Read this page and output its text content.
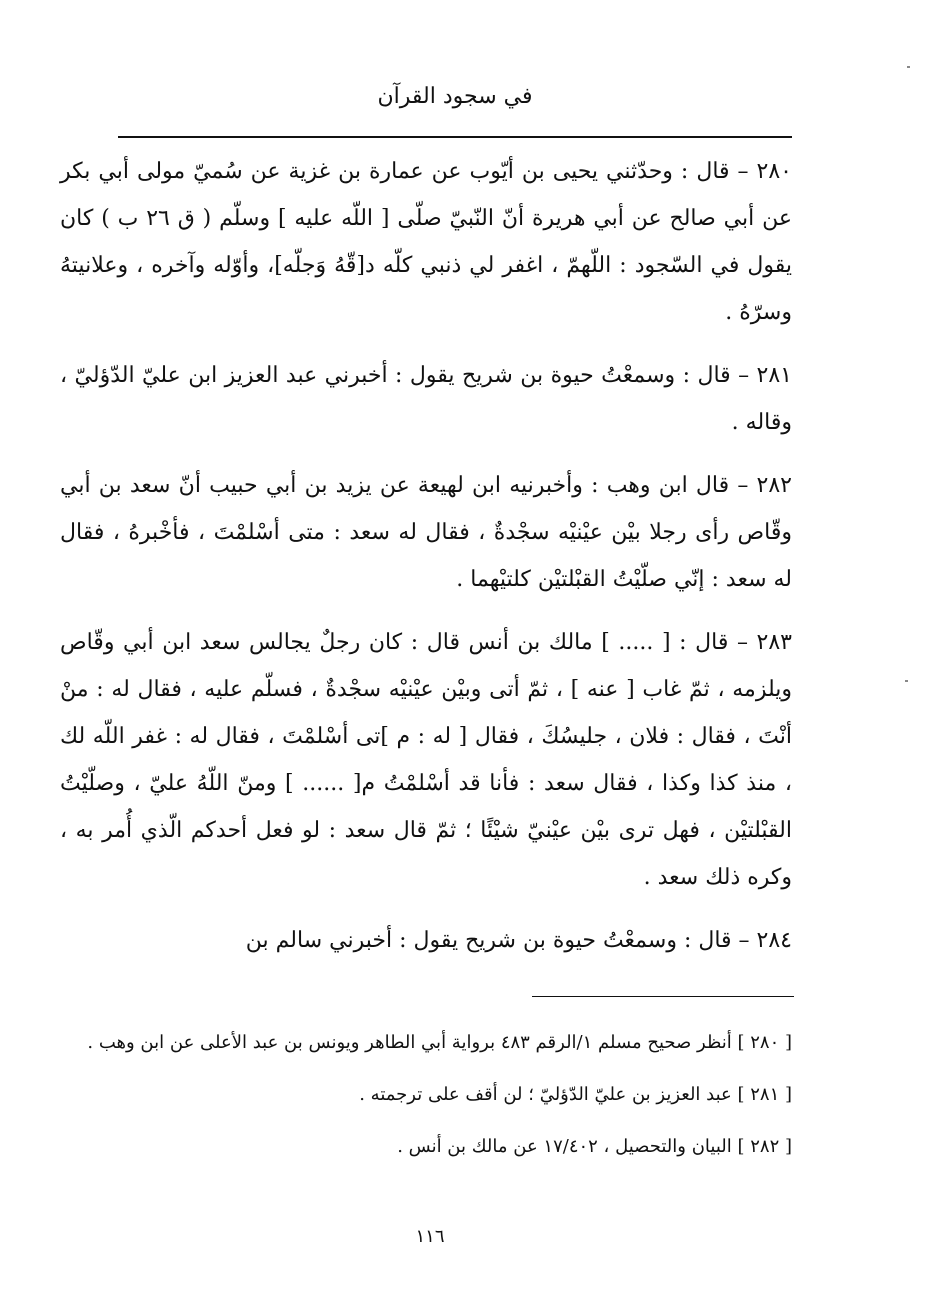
في سجود القرآن

٢٨٠ – قال : وحدّثني يحيى بن أيّوب عن عمارة بن غزية عن سُميّ مولى أبي بكر عن أبي صالح عن أبي هريرة أنّ النّبيّ صلّى [ اللّه عليه ] وسلّم ( ق ٢٦ ب ) كان يقول في السّجود : اللّهمّ ، اغفر لي ذنبي كلّه د[قّهُ وَجلّه]، وأوّله وآخره ، وعلانيتهُ وسرّهُ .

٢٨١ – قال : وسمعْتُ حيوة بن شريح يقول : أخبرني عبد العزيز ابن عليّ الدّؤليّ ، وقاله .

٢٨٢ – قال ابن وهب : وأخبرنيه ابن لهيعة عن يزيد بن أبي حبيب أنّ سعد بن أبي وقّاص رأى رجلا بيْن عيْنيْه سجْدةٌ ، فقال له سعد : متى أسْلمْتَ ، فأخْبرهُ ، فقال له سعد : إنّي صلّيْتُ القبْلتيْن كلتيْهما .

٢٨٣ – قال : [ ..... ] مالك بن أنس قال : كان رجلٌ يجالس سعد ابن أبي وقّاص ويلزمه ، ثمّ غاب [ عنه ] ، ثمّ أتى وبيْن عيْنيْه سجْدةٌ ، فسلّم عليه ، فقال له : منْ أنْتَ ، فقال : فلان ، جليسُكَ ، فقال [ له : م ]تى أسْلمْتَ ، فقال له : غفر اللّه لك ، منذ كذا وكذا ، فقال سعد : فأنا قد أسْلمْتُ م[ ...... ] ومنّ اللّهُ عليّ ، وصلّيْتُ القبْلتيْن ، فهل ترى بيْن عيْنيّ شيْئًا ؛ ثمّ قال سعد : لو فعل أحدكم الّذي أُمر به ، وكره ذلك سعد .

٢٨٤ – قال : وسمعْتُ حيوة بن شريح يقول : أخبرني سالم بن

[ ٢٨٠ ] أنظر صحيح مسلم ١/الرقم ٤٨٣ برواية أبي الطاهر ويونس بن عبد الأعلى عن ابن وهب .

[ ٢٨١ ] عبد العزيز بن عليّ الدّؤليّ ؛ لن أقف على ترجمته .

[ ٢٨٢ ] البيان والتحصيل ، ١٧/٤٠٢ عن مالك بن أنس .

١١٦
